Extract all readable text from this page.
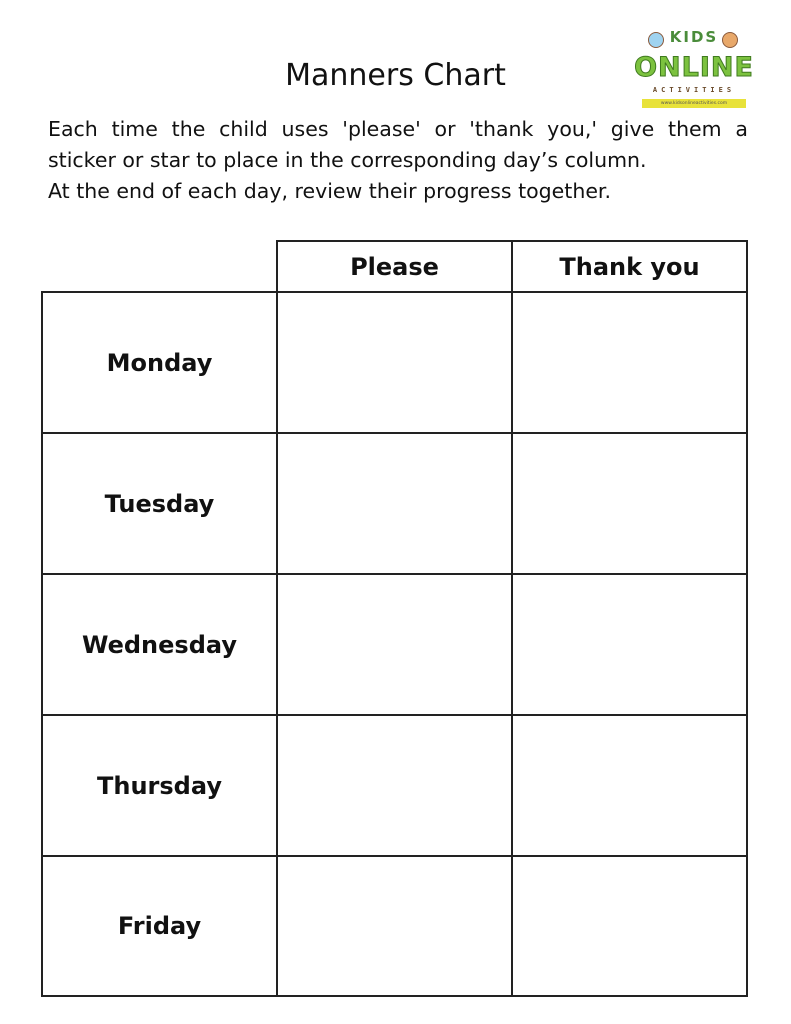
Manners Chart
KIDS
ONLINE
ACTIVITIES
www.kidsonlineactivities.com

Each time the child uses 'please' or 'thank you,' give them a
sticker or star to place in the corresponding day’s column.
At the end of each day, review their progress together.

Please	Thank you
Monday
Tuesday
Wednesday
Thursday
Friday
